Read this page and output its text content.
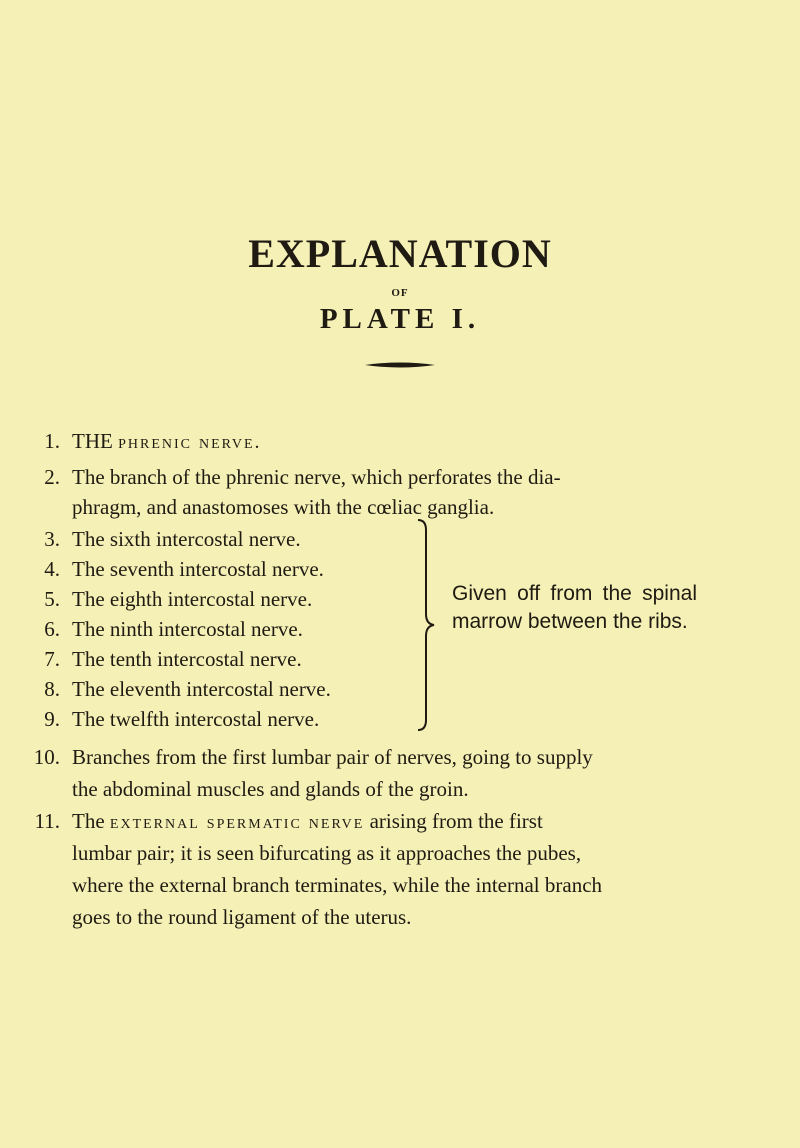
EXPLANATION
OF
PLATE I.
1. THE phrenic nerve.
2. The branch of the phrenic nerve, which perforates the dia-
phragm, and anastomoses with the cœliac ganglia.
3. The sixth intercostal nerve.
4. The seventh intercostal nerve.
5. The eighth intercostal nerve.
6. The ninth intercostal nerve.
7. The tenth intercostal nerve.
8. The eleventh intercostal nerve.
9. The twelfth intercostal nerve.
Given off from the spinal
marrow between the ribs.
10. Branches from the first lumbar pair of nerves, going to supply
the abdominal muscles and glands of the groin.
11. The external spermatic nerve arising from the first
lumbar pair; it is seen bifurcating as it approaches the pubes,
where the external branch terminates, while the internal branch
goes to the round ligament of the uterus.
